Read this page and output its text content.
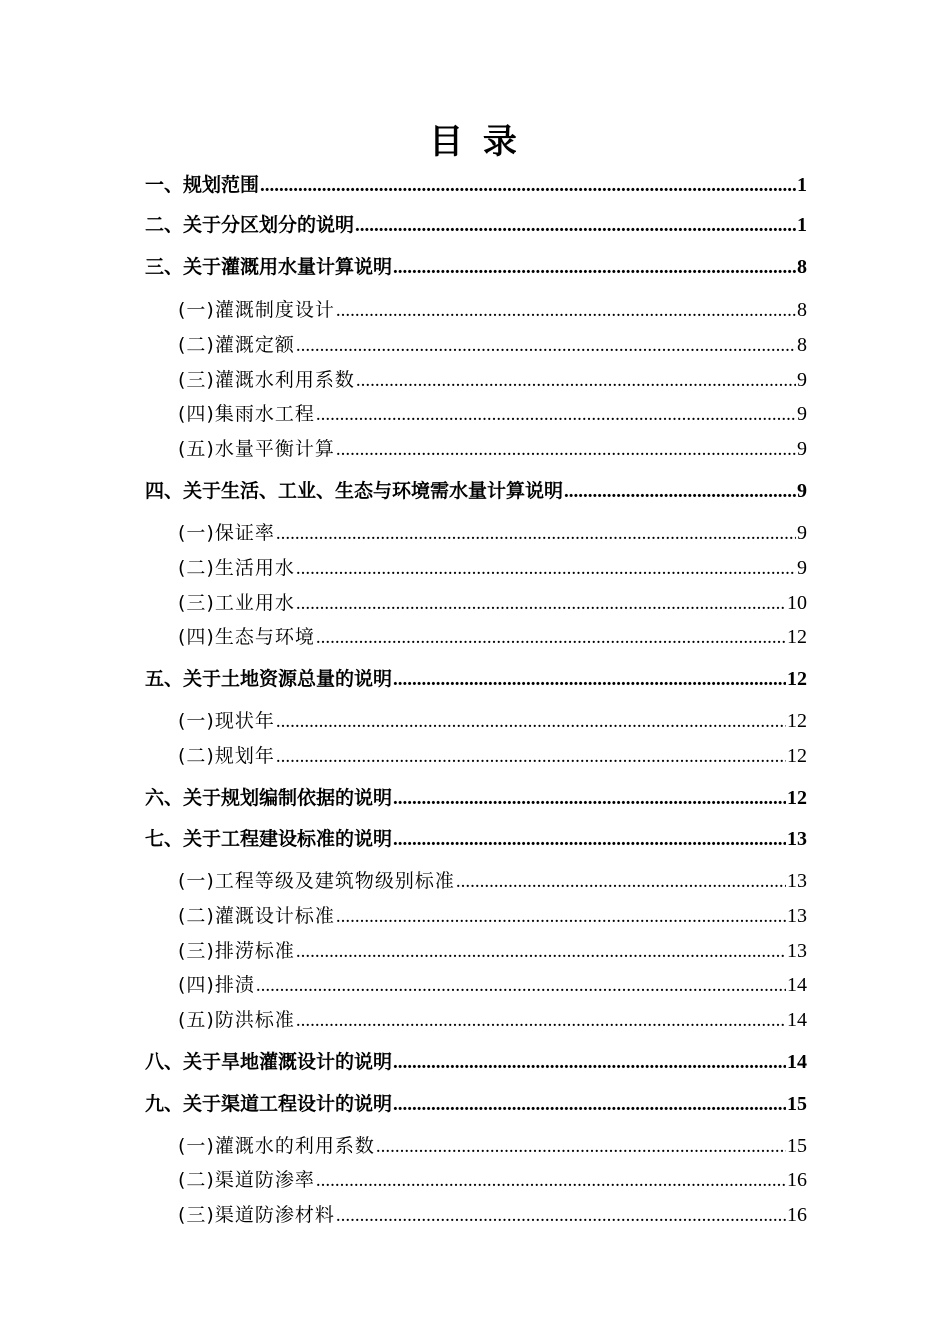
目 录
一、规划范围 .....	1
二、关于分区划分的说明 .....	1
三、关于灌溉用水量计算说明 .....	8
(一)灌溉制度设计 .....	8
(二)灌溉定额 .....	8
(三)灌溉水利用系数 .....	9
(四)集雨水工程 .....	9
(五)水量平衡计算 .....	9
四、关于生活、工业、生态与环境需水量计算说明 .....	9
(一)保证率 .....	9
(二)生活用水 .....	9
(三)工业用水 .....	10
(四)生态与环境 .....	12
五、关于土地资源总量的说明 .....	12
(一)现状年 .....	12
(二)规划年 .....	12
六、关于规划编制依据的说明 .....	12
七、关于工程建设标准的说明 .....	13
(一)工程等级及建筑物级别标准 .....	13
(二)灌溉设计标准 .....	13
(三)排涝标准 .....	13
(四)排渍 .....	14
(五)防洪标准 .....	14
八、关于旱地灌溉设计的说明 .....	14
九、关于渠道工程设计的说明 .....	15
(一)灌溉水的利用系数 .....	15
(二)渠道防渗率 .....	16
(三)渠道防渗材料 .....	16
